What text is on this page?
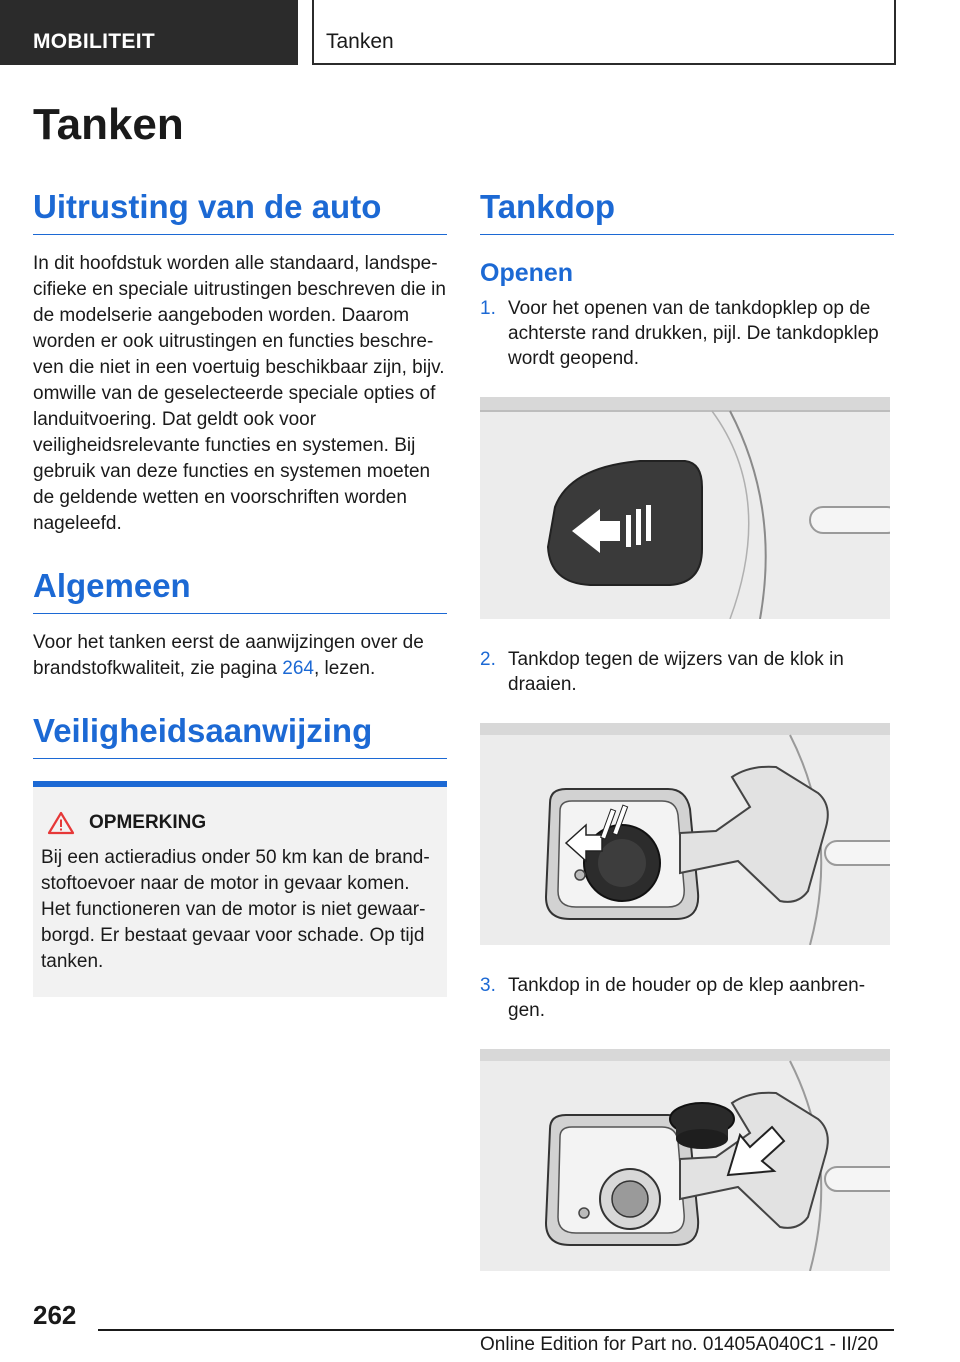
MOBILITEIT	Tanken
Tanken
Uitrusting van de auto

In dit hoofdstuk worden alle standaard, landspecifieke en speciale uitrustingen beschreven die in de modelserie aangeboden worden. Daarom worden er ook uitrustingen en functies beschreven die niet in een voertuig beschikbaar zijn, bijv. omwille van de geselecteerde speciale opties of landuitvoering. Dat geldt ook voor veiligheidsrelevante functies en systemen. Bij gebruik van deze functies en systemen moeten de geldende wetten en voorschriften worden nageleefd.

Algemeen

Voor het tanken eerst de aanwijzingen over de brandstofkwaliteit, zie pagina 264, lezen.

Veiligheidsaanwijzing
OPMERKING

Bij een actieradius onder 50 km kan de brandstoftoevoer naar de motor in gevaar komen. Het functioneren van de motor is niet gewaarborgd. Er bestaat gevaar voor schade. Op tijd tanken.

Tankdop
Openen
1. Voor het openen van de tankdopklep op de achterste rand drukken, pijl. De tankdopklep wordt geopend.
2. Tankdop tegen de wijzers van de klok in draaien.
3. Tankdop in de houder op de klep aanbrengen.
262
Online Edition for Part no. 01405A040C1 - II/20
